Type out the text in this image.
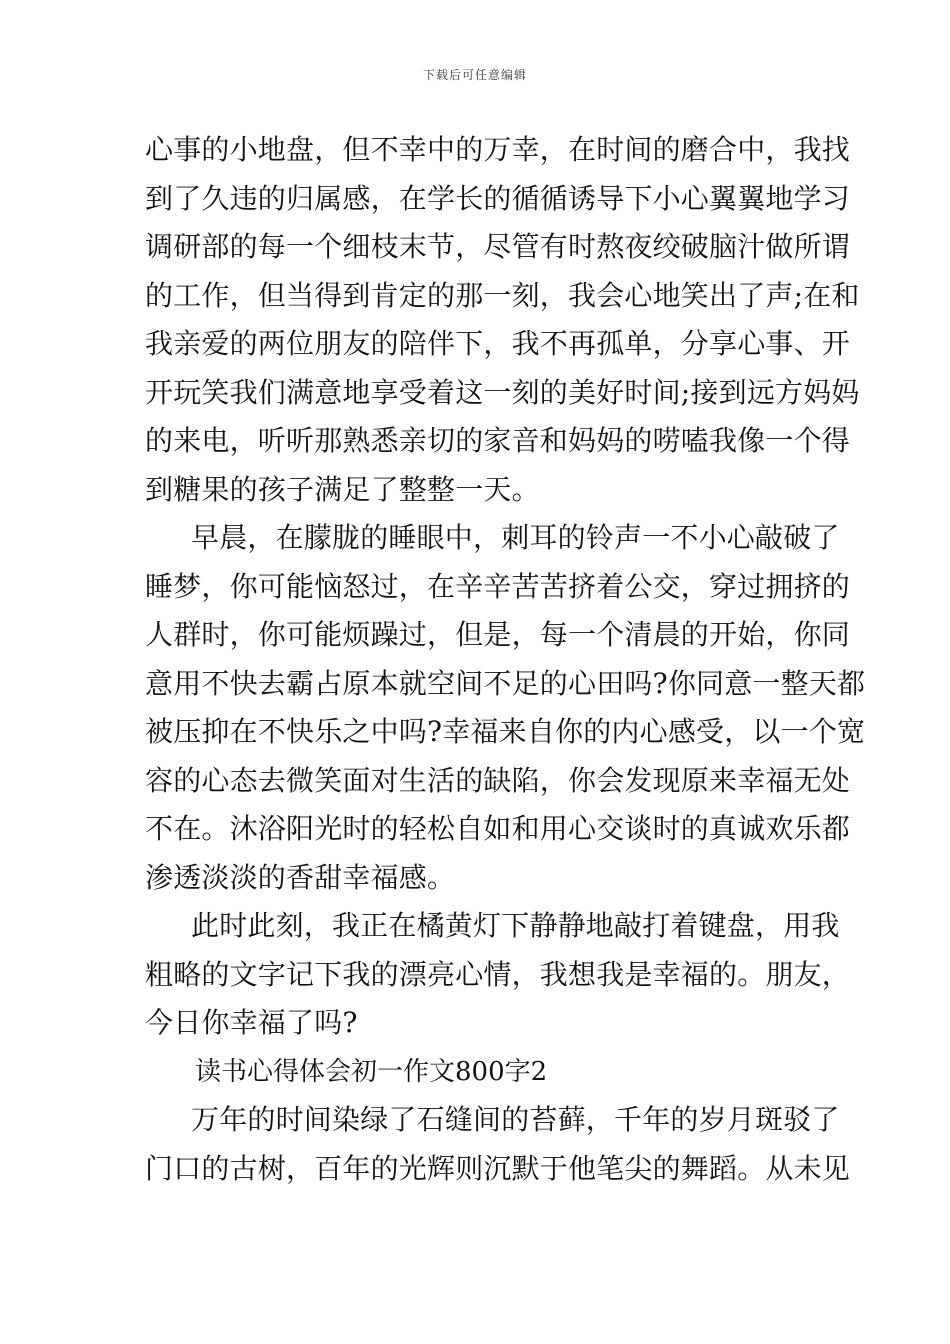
下载后可任意编辑
心事的小地盘，但不幸中的万幸，在时间的磨合中，我找
到了久违的归属感，在学长的循循诱导下小心翼翼地学习
调研部的每一个细枝末节，尽管有时熬夜绞破脑汁做所谓
的工作，但当得到肯定的那一刻，我会心地笑出了声;在和
我亲爱的两位朋友的陪伴下，我不再孤单，分享心事、开
开玩笑我们满意地享受着这一刻的美好时间;接到远方妈妈
的来电，听听那熟悉亲切的家音和妈妈的唠嗑我像一个得
到糖果的孩子满足了整整一天。
早晨，在朦胧的睡眼中，刺耳的铃声一不小心敲破了
睡梦，你可能恼怒过，在辛辛苦苦挤着公交，穿过拥挤的
人群时，你可能烦躁过，但是，每一个清晨的开始，你同
意用不快去霸占原本就空间不足的心田吗?你同意一整天都
被压抑在不快乐之中吗?幸福来自你的内心感受，以一个宽
容的心态去微笑面对生活的缺陷，你会发现原来幸福无处
不在。沐浴阳光时的轻松自如和用心交谈时的真诚欢乐都
渗透淡淡的香甜幸福感。
此时此刻，我正在橘黄灯下静静地敲打着键盘，用我
粗略的文字记下我的漂亮心情，我想我是幸福的。朋友，
今日你幸福了吗?
读书心得体会初一作文800字2
万年的时间染绿了石缝间的苔藓，千年的岁月斑驳了
门口的古树，百年的光辉则沉默于他笔尖的舞蹈。从未见
